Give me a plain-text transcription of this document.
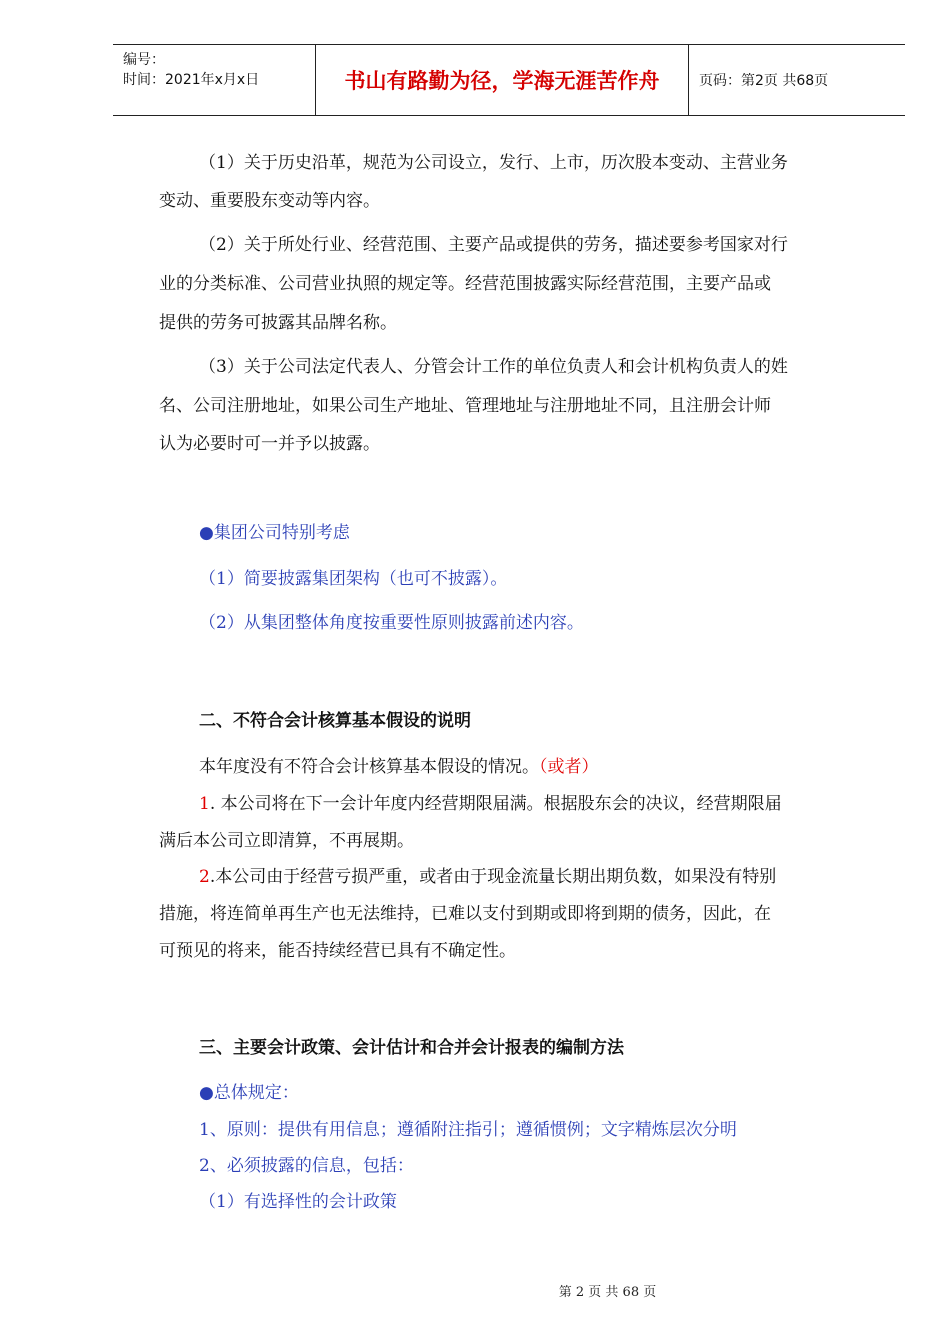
编号：
时间：2021年x月x日	书山有路勤为径，学海无涯苦作舟	页码：第2页 共68页
（1）关于历史沿革，规范为公司设立，发行、上市，历次股本变动、主营业务
变动、重要股东变动等内容。
（2）关于所处行业、经营范围、主要产品或提供的劳务，描述要参考国家对行
业的分类标准、公司营业执照的规定等。经营范围披露实际经营范围，主要产品或
提供的劳务可披露其品牌名称。
（3）关于公司法定代表人、分管会计工作的单位负责人和会计机构负责人的姓
名、公司注册地址，如果公司生产地址、管理地址与注册地址不同，且注册会计师
认为必要时可一并予以披露。
●集团公司特别考虑
（1）简要披露集团架构（也可不披露）。
（2）从集团整体角度按重要性原则披露前述内容。
二、不符合会计核算基本假设的说明
本年度没有不符合会计核算基本假设的情况。（或者）
1. 本公司将在下一会计年度内经营期限届满。根据股东会的决议，经营期限届
满后本公司立即清算，不再展期。
2.本公司由于经营亏损严重，或者由于现金流量长期出期负数，如果没有特别
措施，将连简单再生产也无法维持，已难以支付到期或即将到期的债务，因此，在
可预见的将来，能否持续经营已具有不确定性。
三、主要会计政策、会计估计和合并会计报表的编制方法
●总体规定：
1、原则：提供有用信息；遵循附注指引；遵循惯例；文字精炼层次分明
2、必须披露的信息，包括：
（1）有选择性的会计政策
第 2 页 共 68 页
